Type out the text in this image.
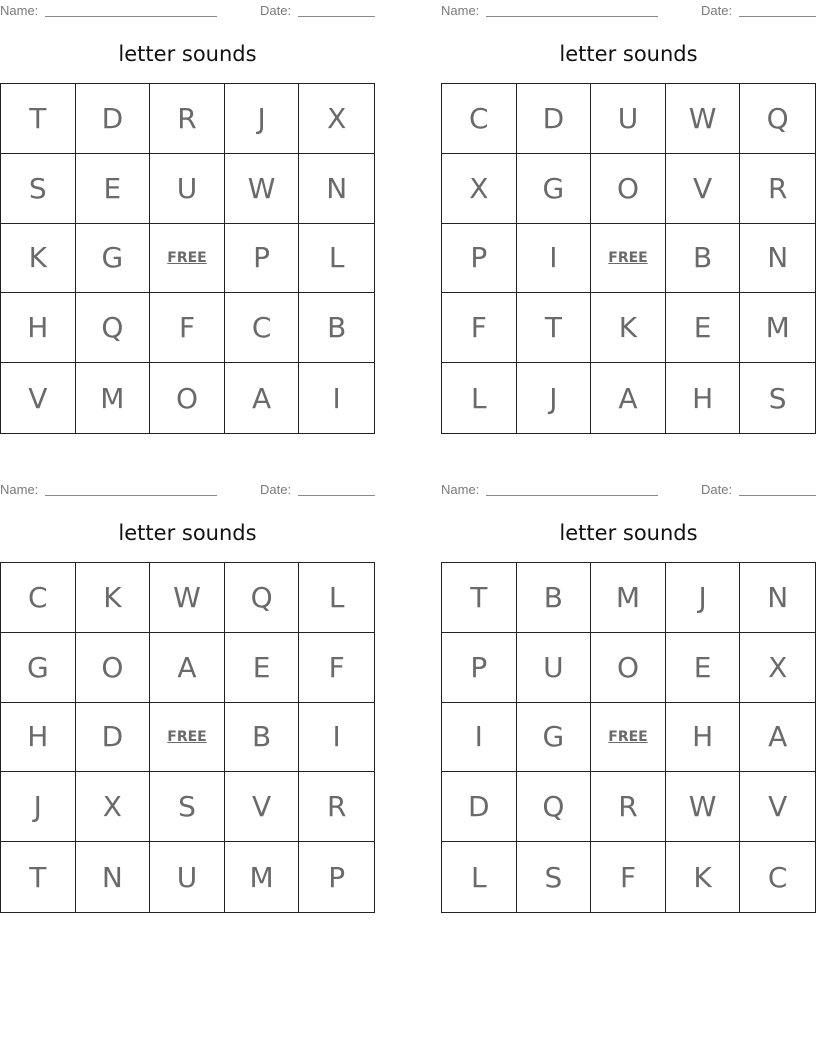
Name:	Date:
letter sounds
T	D	R	J	X
S	E	U	W	N
K	G	FREE	P	L
H	Q	F	C	B
V	M	O	A	I
Name:	Date:
letter sounds
C	D	U	W	Q
X	G	O	V	R
P	I	FREE	B	N
F	T	K	E	M
L	J	A	H	S
Name:	Date:
letter sounds
C	K	W	Q	L
G	O	A	E	F
H	D	FREE	B	I
J	X	S	V	R
T	N	U	M	P
Name:	Date:
letter sounds
T	B	M	J	N
P	U	O	E	X
I	G	FREE	H	A
D	Q	R	W	V
L	S	F	K	C
